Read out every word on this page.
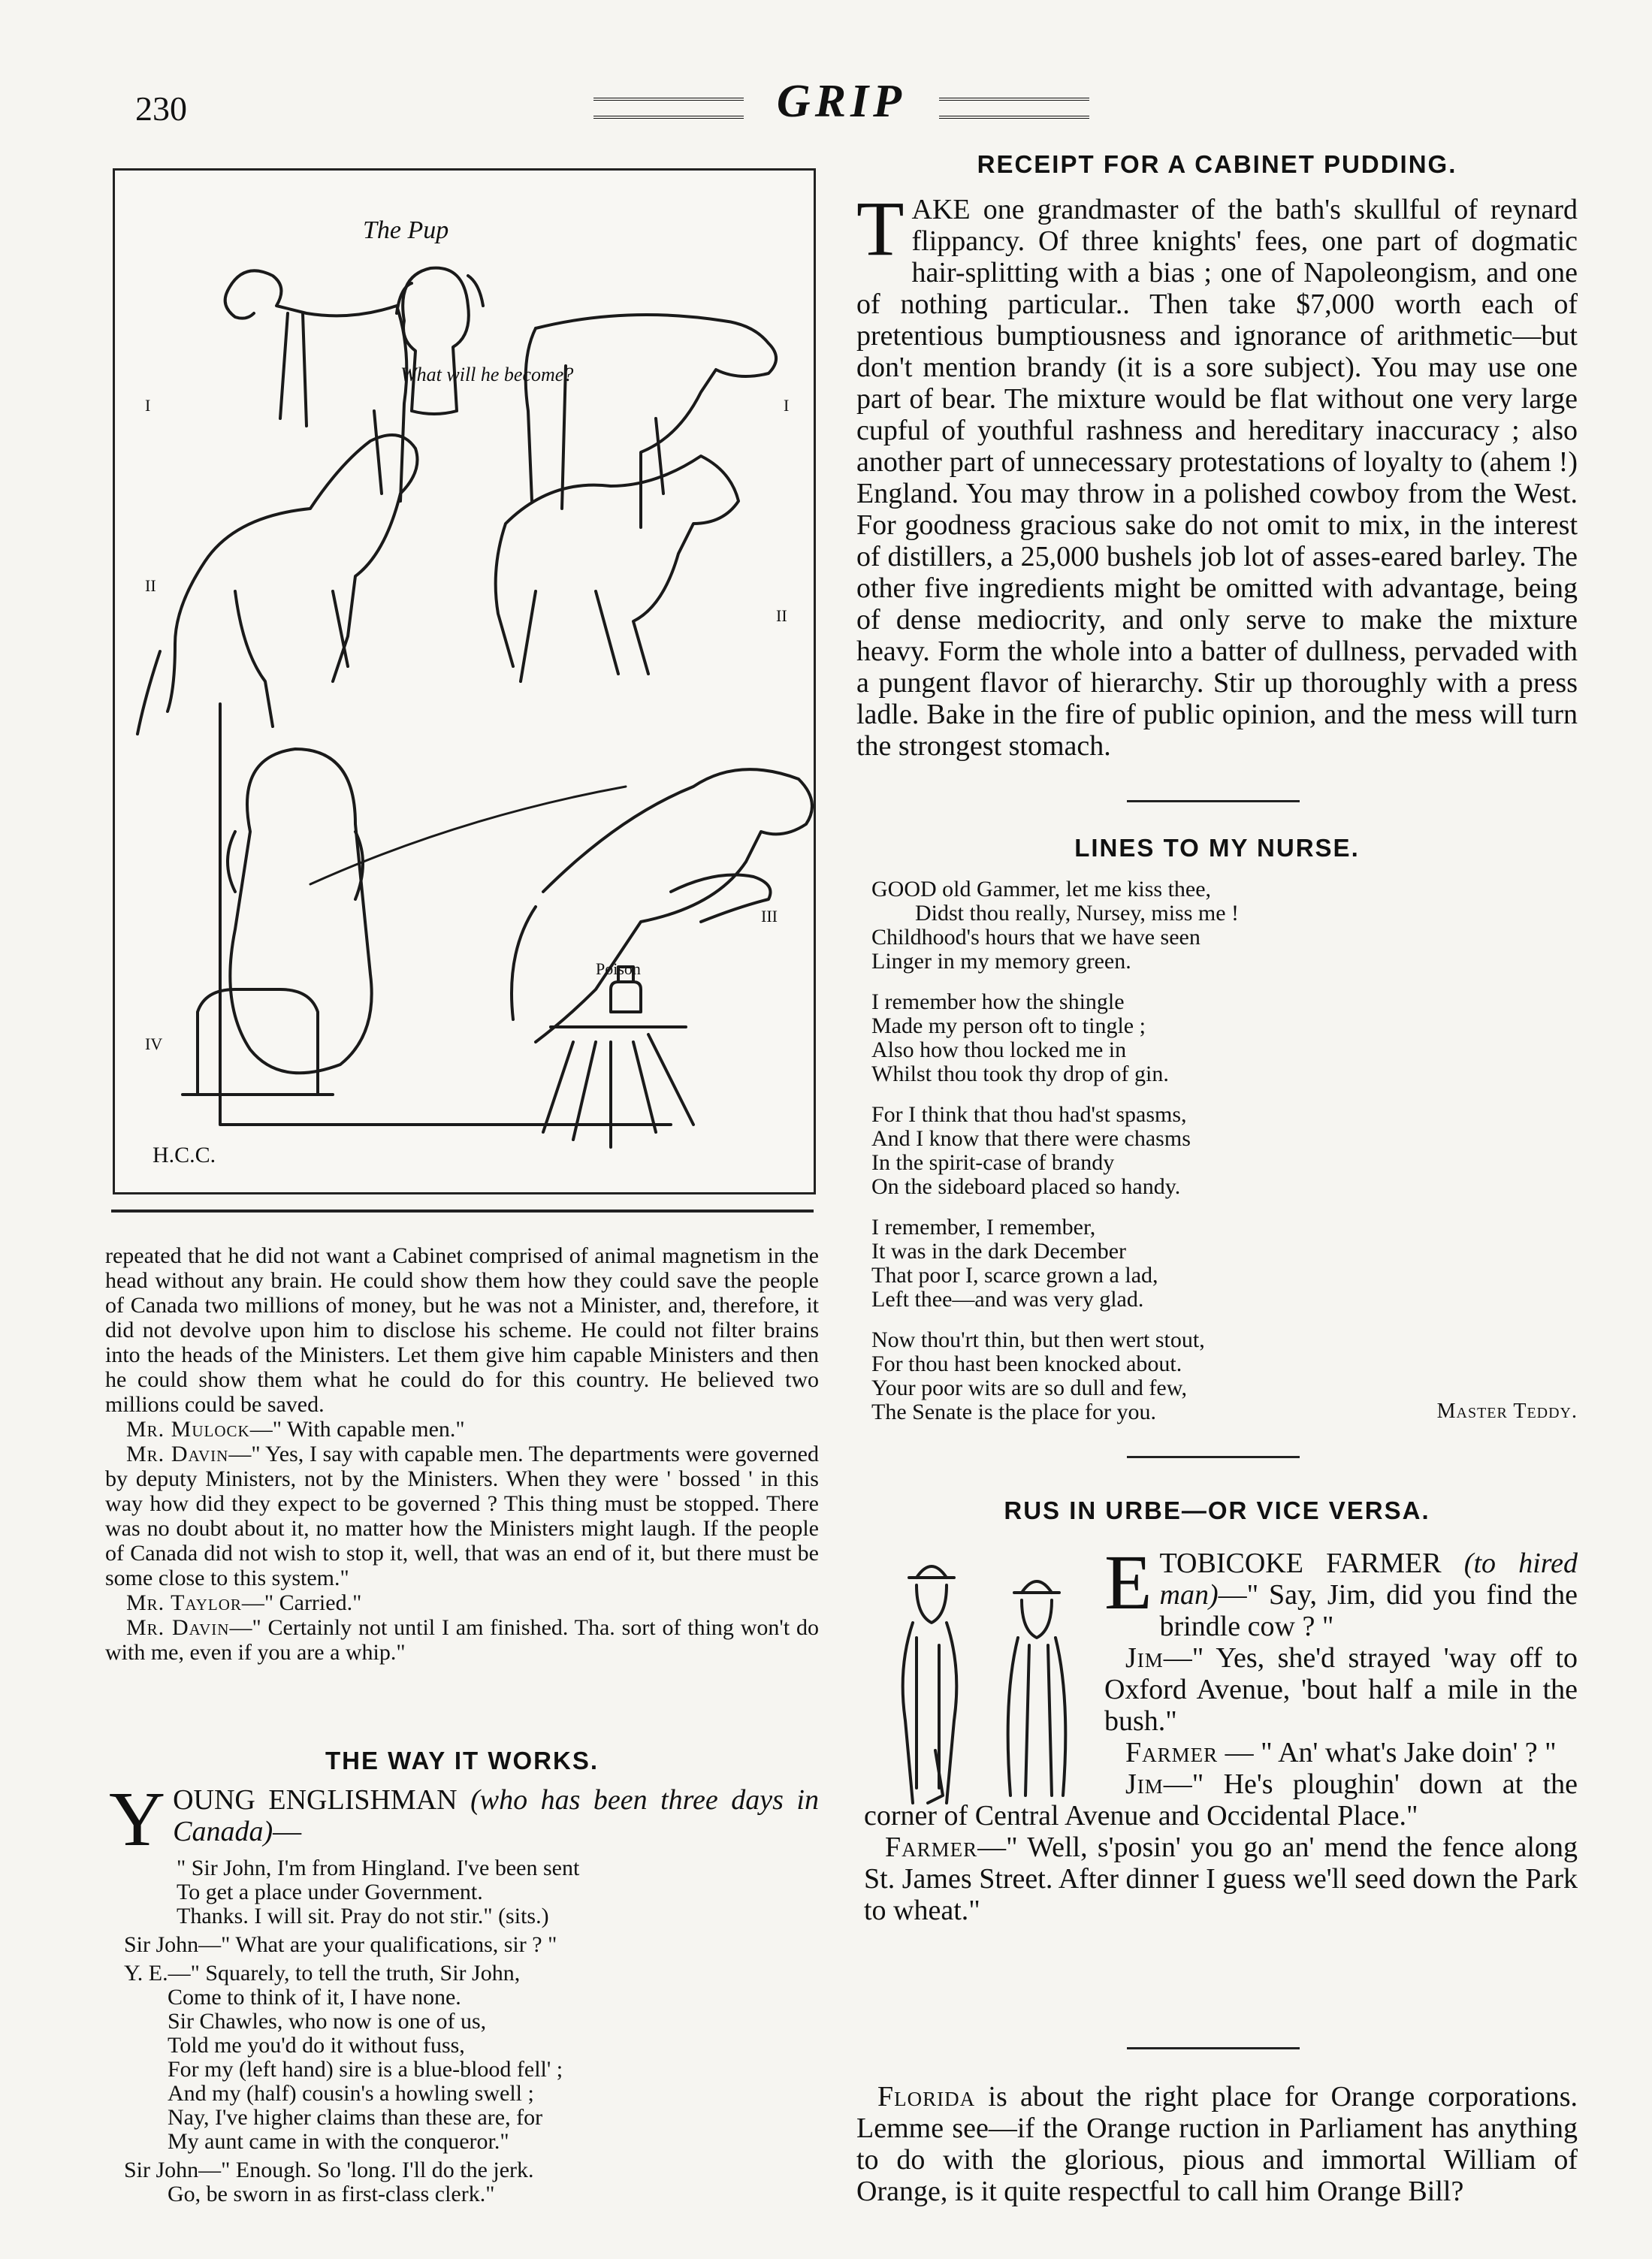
230	GRIP
The Pup
What will he become?
Poison
H.C.C.
I	I
II
II
III
IV

repeated that he did not want a Cabinet comprised of animal magnetism in the head without any brain. He could show them how they could save the people of Canada two millions of money, but he was not a Minister, and, therefore, it did not devolve upon him to disclose his scheme. He could not filter brains into the heads of the Ministers. Let them give him capable Ministers and then he could show them what he could do for this country. He believed two millions could be saved.

Mr. Mulock—" With capable men."

Mr. Davin—" Yes, I say with capable men. The departments were governed by deputy Ministers, not by the Ministers. When they were ' bossed ' in this way how did they expect to be governed ? This thing must be stopped. There was no doubt about it, no matter how the Ministers might laugh. If the people of Canada did not wish to stop it, well, that was an end of it, but there must be some close to this system."

Mr. Taylor—" Carried."

Mr. Davin—" Certainly not until I am finished. Tha. sort of thing won't do with me, even if you are a whip."

THE WAY IT WORKS.
YOUNG ENGLISHMAN (who has been three days in Canada)—
" Sir John, I'm from Hingland. I've been sent
To get a place under Government.
Thanks. I will sit. Pray do not stir." (sits.)
Sir John—" What are your qualifications, sir ? "
Y. E.—" Squarely, to tell the truth, Sir John,
Come to think of it, I have none.
Sir Chawles, who now is one of us,
Told me you'd do it without fuss,
For my (left hand) sire is a blue-blood fell' ;
And my (half) cousin's a howling swell ;
Nay, I've higher claims than these are, for
My aunt came in with the conqueror."
Sir John—" Enough. So 'long. I'll do the jerk.
Go, be sworn in as first-class clerk."
RECEIPT FOR A CABINET PUDDING.
TAKE one grandmaster of the bath's skullful of reynard flippancy. Of three knights' fees, one part of dogmatic hair-splitting with a bias ; one of Napoleongism, and one of nothing particular.. Then take $7,000 worth each of pretentious bumptiousness and ignorance of arithmetic—but don't mention brandy (it is a sore subject). You may use one part of bear. The mixture would be flat without one very large cupful of youthful rashness and hereditary inaccuracy ; also another part of unnecessary protestations of loyalty to (ahem !) England. You may throw in a polished cowboy from the West. For goodness gracious sake do not omit to mix, in the interest of distillers, a 25,000 bushels job lot of asses-eared barley. The other five ingredients might be omitted with advantage, being of dense mediocrity, and only serve to make the mixture heavy. Form the whole into a batter of dullness, pervaded with a pungent flavor of hierarchy. Stir up thoroughly with a press ladle. Bake in the fire of public opinion, and the mess will turn the strongest stomach.
LINES TO MY NURSE.
GOOD old Gammer, let me kiss thee,
Didst thou really, Nursey, miss me !
Childhood's hours that we have seen
Linger in my memory green.
I remember how the shingle
Made my person oft to tingle ;
Also how thou locked me in
Whilst thou took thy drop of gin.
For I think that thou had'st spasms,
And I know that there were chasms
In the spirit-case of brandy
On the sideboard placed so handy.
I remember, I remember,
It was in the dark December
That poor I, scarce grown a lad,
Left thee—and was very glad.
Now thou'rt thin, but then wert stout,
For thou hast been knocked about.
Your poor wits are so dull and few,
The Senate is the place for you.	Master Teddy.
RUS IN URBE—OR VICE VERSA.
ETOBICOKE FARMER (to hired man)—" Say, Jim, did you find the brindle cow ? "

Jim—" Yes, she'd strayed 'way off to Oxford Avenue, 'bout half a mile in the bush."

Farmer — " An' what's Jake doin' ? "

Jim—" He's ploughin' down at the corner of Central Avenue and Occidental Place."

Farmer—" Well, s'posin' you go an' mend the fence along St. James Street. After dinner I guess we'll seed down the Park to wheat."

Florida is about the right place for Orange corporations. Lemme see—if the Orange ruction in Parliament has anything to do with the glorious, pious and immortal William of Orange, is it quite respectful to call him Orange Bill?
